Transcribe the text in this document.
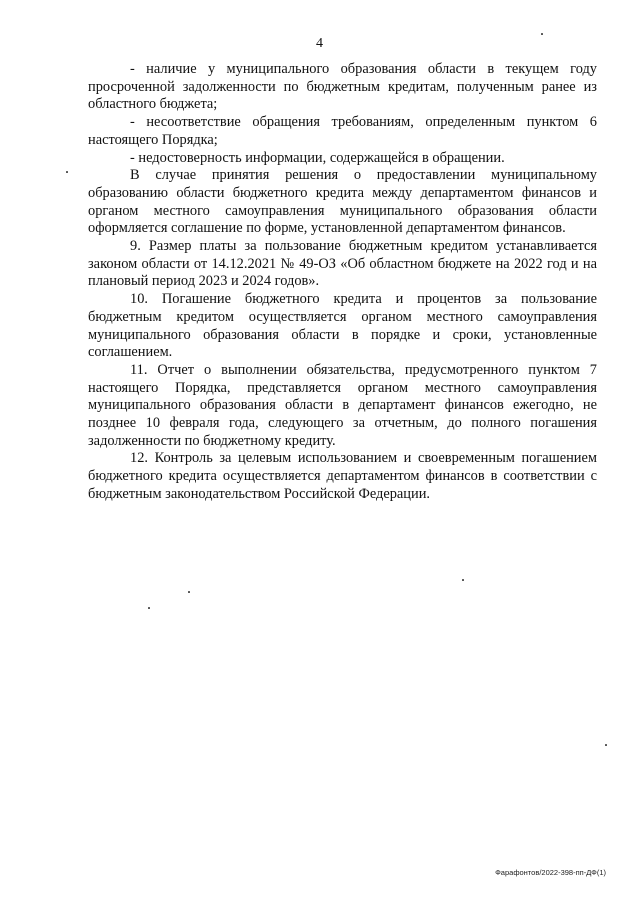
4

- наличие у муниципального образования области в текущем году просроченной задолженности по бюджетным кредитам, полученным ранее из областного бюджета;

- несоответствие обращения требованиям, определенным пунктом 6 настоящего Порядка;

- недостоверность информации, содержащейся в обращении.

В случае принятия решения о предоставлении муниципальному образованию области бюджетного кредита между департаментом финансов и органом местного самоуправления муниципального образования области оформляется соглашение по форме, установленной департаментом финансов.

9. Размер платы за пользование бюджетным кредитом устанавливается законом области от 14.12.2021 № 49-ОЗ «Об областном бюджете на 2022 год и на плановый период 2023 и 2024 годов».

10. Погашение бюджетного кредита и процентов за пользование бюджетным кредитом осуществляется органом местного самоуправления муниципального образования области в порядке и сроки, установленные соглашением.

11. Отчет о выполнении обязательства, предусмотренного пунктом 7 настоящего Порядка, представляется органом местного самоуправления муниципального образования области в департамент финансов ежегодно, не позднее 10 февраля года, следующего за отчетным, до полного погашения задолженности по бюджетному кредиту.

12. Контроль за целевым использованием и своевременным погашением бюджетного кредита осуществляется департаментом финансов в соответствии с бюджетным законодательством Российской Федерации.

Фарафонтов/2022-398-пп-ДФ(1)
